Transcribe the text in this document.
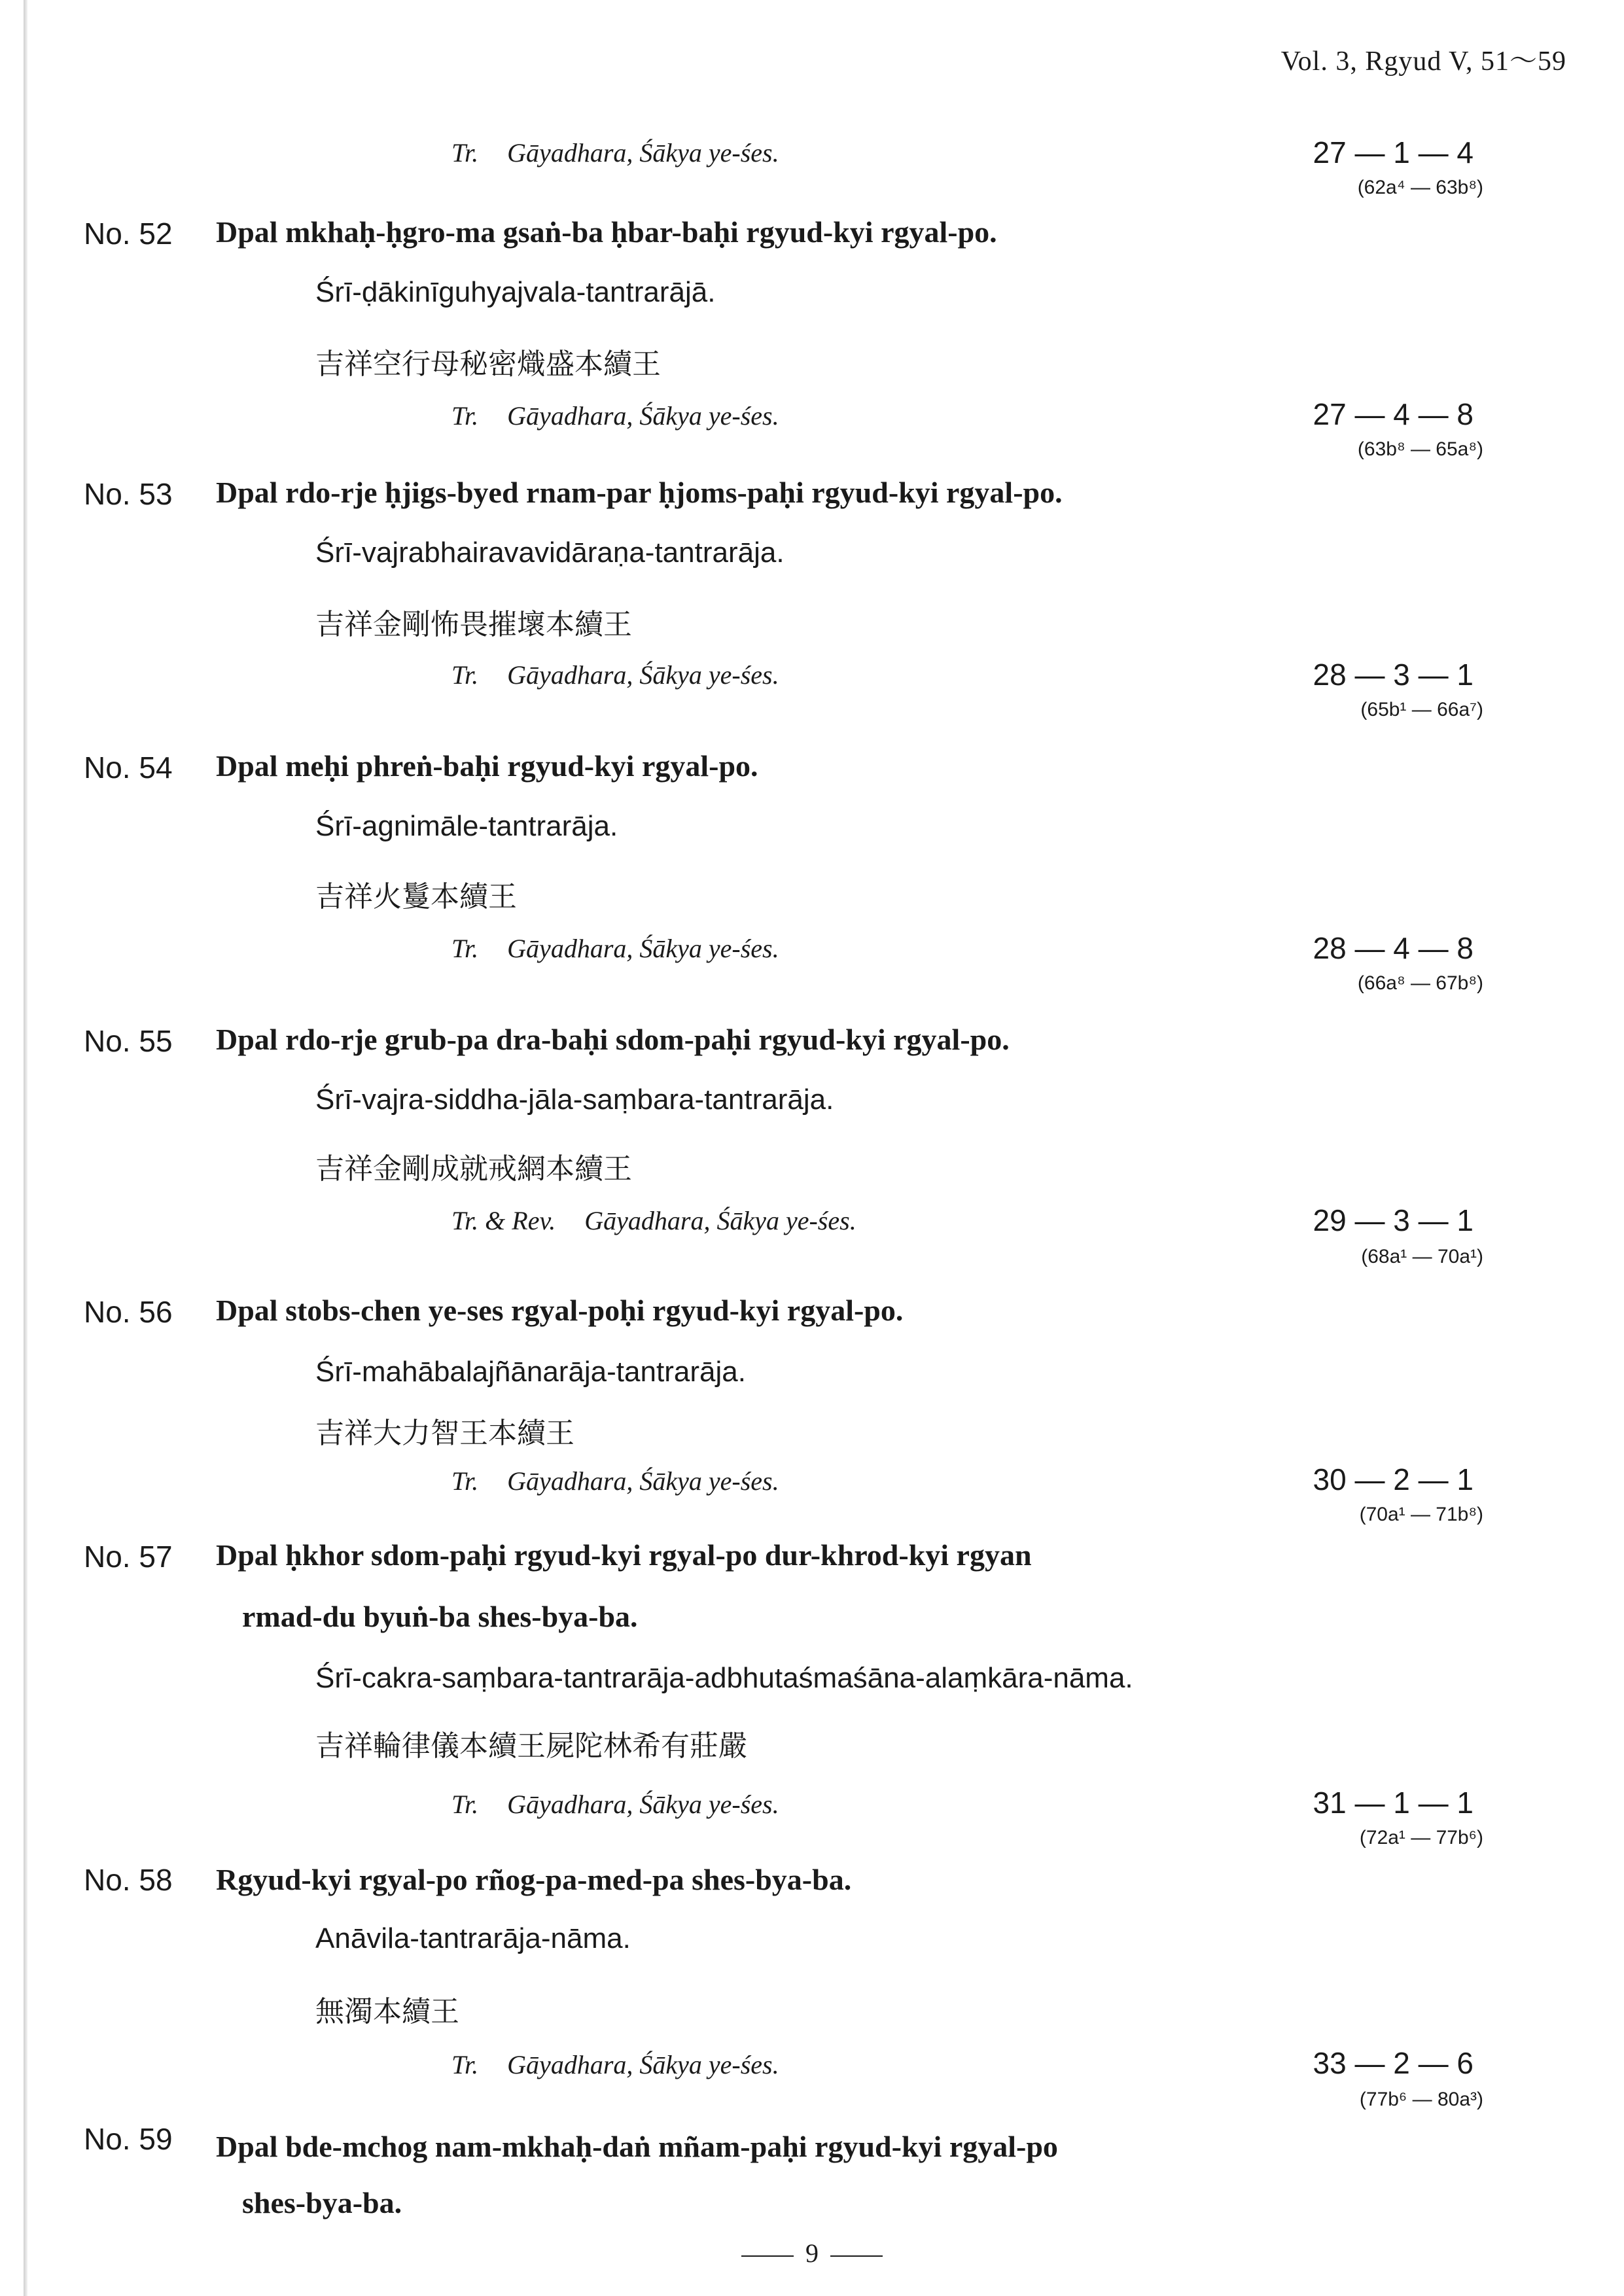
Vol. 3, Rgyud V, 51～59
Tr. Gāyadhara, Śākya ye-śes.	27 — 1 — 4
(62a⁴ — 63b⁸)
No. 52 Dpal mkhaḥ-ḥgro-ma gsaṅ-ba ḥbar-baḥi rgyud-kyi rgyal-po.
Śrī-ḍākinīguhyajvala-tantrarājā.
吉祥空行母秘密熾盛本續王
Tr. Gāyadhara, Śākya ye-śes.	27 — 4 — 8
(63b⁸ — 65a⁸)
No. 53 Dpal rdo-rje ḥjigs-byed rnam-par ḥjoms-paḥi rgyud-kyi rgyal-po.
Śrī-vajrabhairavavidāraṇa-tantrarāja.
吉祥金剛怖畏摧壞本續王
Tr. Gāyadhara, Śākya ye-śes.	28 — 3 — 1
(65b¹ — 66a⁷)
No. 54 Dpal meḥi phreṅ-baḥi rgyud-kyi rgyal-po.
Śrī-agnimāle-tantrarāja.
吉祥火鬘本續王
Tr. Gāyadhara, Śākya ye-śes.	28 — 4 — 8
(66a⁸ — 67b⁸)
No. 55 Dpal rdo-rje grub-pa dra-baḥi sdom-paḥi rgyud-kyi rgyal-po.
Śrī-vajra-siddha-jāla-saṃbara-tantrarāja.
吉祥金剛成就戒網本續王
Tr. & Rev. Gāyadhara, Śākya ye-śes.	29 — 3 — 1
(68a¹ — 70a¹)
No. 56 Dpal stobs-chen ye-ses rgyal-poḥi rgyud-kyi rgyal-po.
Śrī-mahābalajñānarāja-tantrarāja.
吉祥大力智王本續王
Tr. Gāyadhara, Śākya ye-śes.	30 — 2 — 1
(70a¹ — 71b⁸)
No. 57 Dpal ḥkhor sdom-paḥi rgyud-kyi rgyal-po dur-khrod-kyi rgyan
rmad-du byuṅ-ba shes-bya-ba.
Śrī-cakra-saṃbara-tantrarāja-adbhutaśmaśāna-alaṃkāra-nāma.
吉祥輪律儀本續王屍陀林希有莊嚴
Tr. Gāyadhara, Śākya ye-śes.	31 — 1 — 1
(72a¹ — 77b⁶)
No. 58 Rgyud-kyi rgyal-po rñog-pa-med-pa shes-bya-ba.
Anāvila-tantrarāja-nāma.
無濁本續王
Tr. Gāyadhara, Śākya ye-śes.	33 — 2 — 6
(77b⁶ — 80a³)
No. 59 Dpal bde-mchog nam-mkhaḥ-daṅ mñam-paḥi rgyud-kyi rgyal-po
shes-bya-ba.
9
